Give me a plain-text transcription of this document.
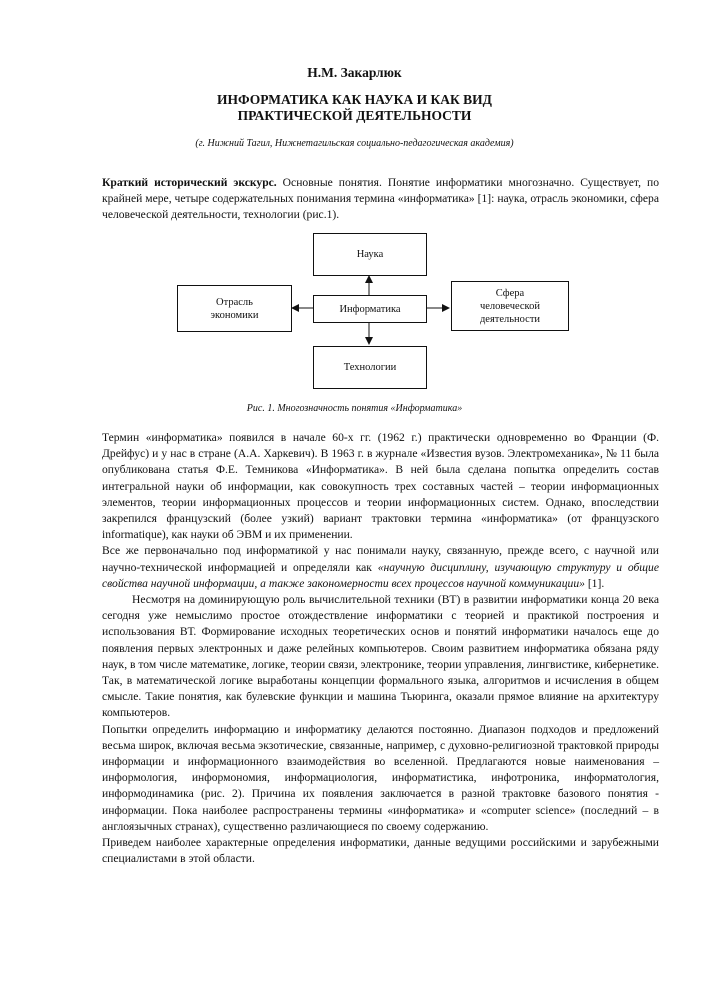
Н.М. Закарлюк
ИНФОРМАТИКА КАК НАУКА И КАК ВИД
ПРАКТИЧЕСКОЙ ДЕЯТЕЛЬНОСТИ
(г. Нижний Тагил, Нижнетагильская социально-педагогическая академия)

Краткий исторический экскурс. Основные понятия. Понятие информатики многозначно. Существует, по крайней мере, четыре содержательных понимания термина «информатика» [1]: наука, отрасль экономики, сфера человеческой деятельности, технологии (рис.1).

Наука
Информатика
Отрасль
экономики
Сфера
человеческой
деятельности
Технологии
Рис. 1. Многозначность понятия «Информатика»

Термин «информатика» появился в начале 60-х гг. (1962 г.) практически одновременно во Франции (Ф. Дрейфус) и у нас в стране (А.А. Харкевич). В 1963 г. в журнале «Известия вузов. Электромеханика», № 11 была опубликована статья Ф.Е. Темникова «Информатика». В ней была сделана попытка определить состав интегральной науки об информации, как совокупность трех составных частей – теории информационных элементов, теории информационных процессов и теории информационных систем. Однако, впоследствии закрепился французский (более узкий) вариант трактовки термина «информатика» (от французского informatique), как науки об ЭВМ и их применении.

Все же первоначально под информатикой у нас понимали науку, связанную, прежде всего, с научной или научно-технической информацией и определяли как «научную дисциплину, изучающую структуру и общие свойства научной информации, а также закономерности всех процессов научной коммуникации» [1].

Несмотря на доминирующую роль вычислительной техники (ВТ) в развитии информатики конца 20 века сегодня уже немыслимо простое отождествление информатики с теорией и практикой построения и использования ВТ. Формирование исходных теоретических основ и понятий информатики началось еще до появления первых электронных и даже релейных компьютеров. Своим развитием информатика обязана ряду наук, в том числе математике, логике, теории связи, электронике, теории управления, лингвистике, кибернетике. Так, в математической логике выработаны концепции формального языка, алгоритмов и исчисления в общем смысле. Такие понятия, как булевские функции и машина Тьюринга, оказали прямое влияние на архитектуру компьютеров.

Попытки определить информацию и информатику делаются постоянно. Диапазон подходов и предложений весьма широк, включая весьма экзотические, связанные, например, с духовно-религиозной трактовкой природы информации и информационного взаимодействия во вселенной. Предлагаются новые наименования – информология, информономия, информациология, информатистика, инфотроника, информатология, информодинамика (рис. 2). Причина их появления заключается в разной трактовке базового понятия - информации. Пока наиболее распространены термины «информатика» и «computer science» (последний – в англоязычных странах), существенно различающиеся по своему содержанию.

Приведем наиболее характерные определения информатики, данные ведущими российскими и зарубежными специалистами в этой области.
